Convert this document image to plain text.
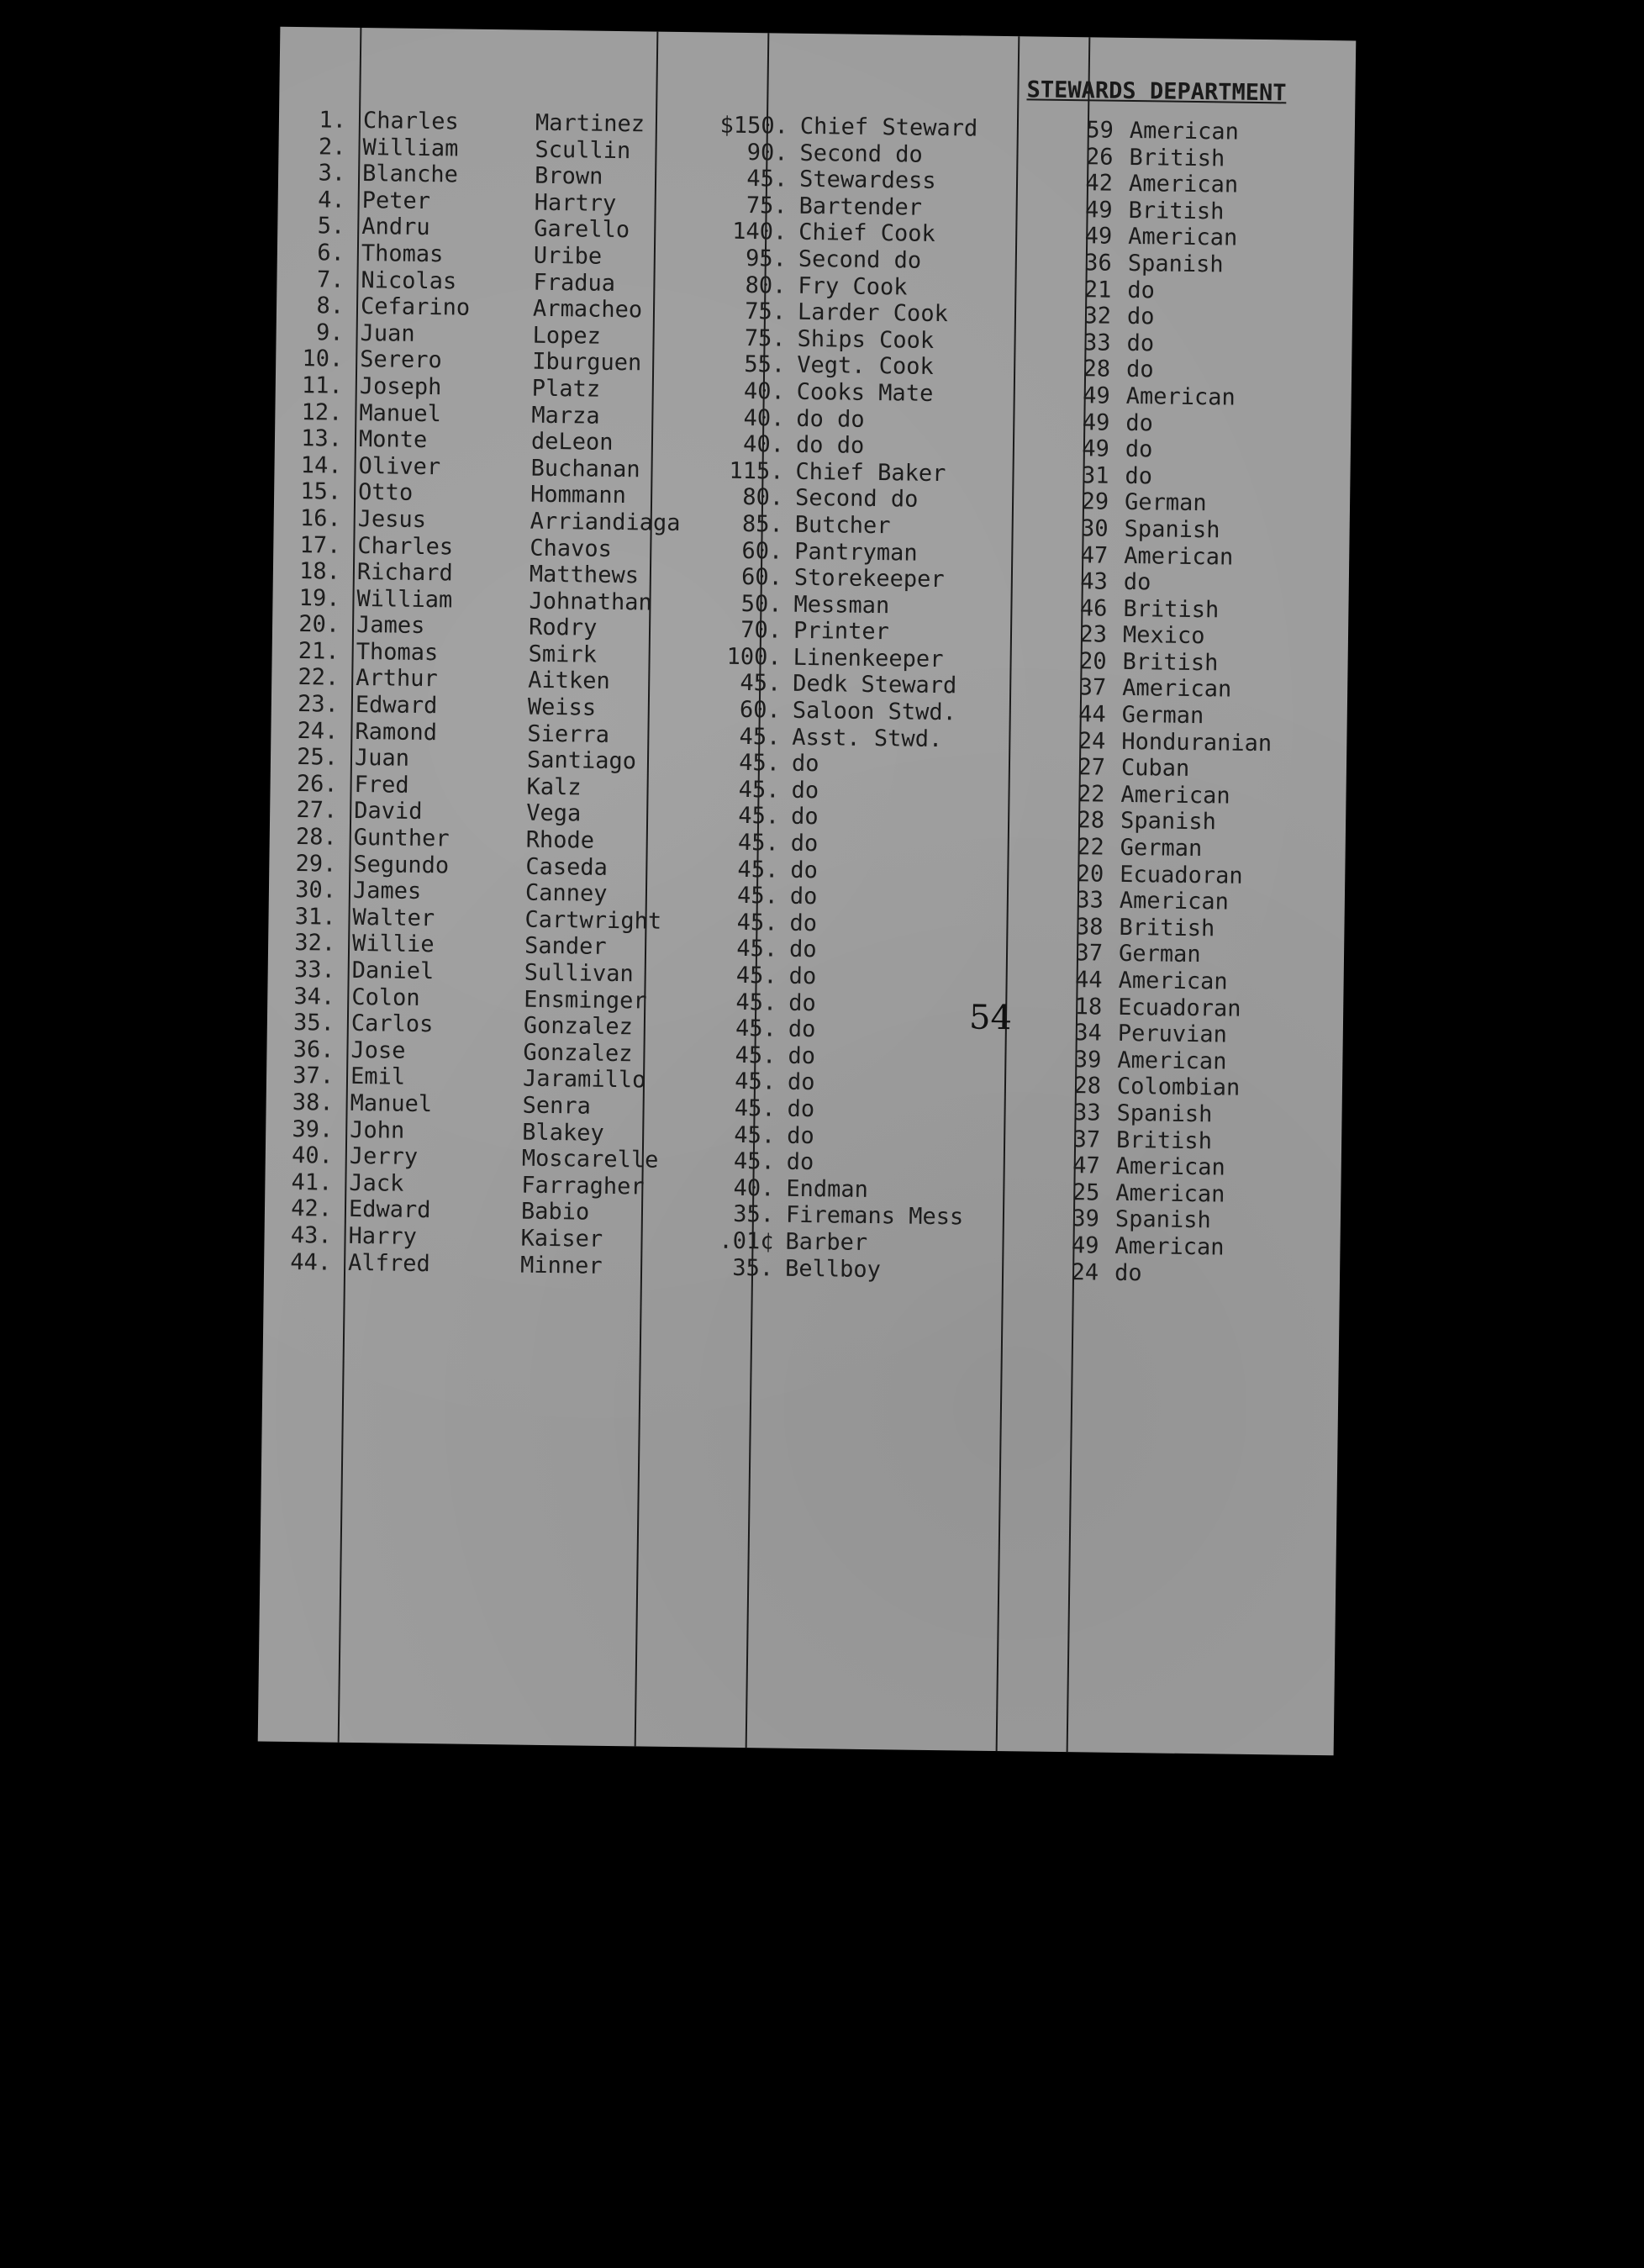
STEWARDS DEPARTMENT
1. Charles	Martinez	$150. Chief Steward	59 American
2. William	Scullin	90. Second do	26 British
3. Blanche	Brown	45. Stewardess	42 American
4. Peter	Hartry	75. Bartender	49 British
5. Andru	Garello	140. Chief Cook	49 American
6. Thomas	Uribe	95. Second do	36 Spanish
7. Nicolas	Fradua	80. Fry Cook	21 do
8. Cefarino	Armacheo	75. Larder Cook	32 do
9. Juan	Lopez	75. Ships Cook	33 do
10. Serero	Iburguen	55. Vegt. Cook	28 do
11. Joseph	Platz	40. Cooks Mate	49 American
12. Manuel	Marza	40. do do	49 do
13. Monte	deLeon	40. do do	49 do
14. Oliver	Buchanan	115. Chief Baker	31 do
15. Otto	Hommann	80. Second do	29 German
16. Jesus	Arriandiaga	85. Butcher	30 Spanish
17. Charles	Chavos	60. Pantryman	47 American
18. Richard	Matthews	60. Storekeeper	43 do
19. William	Johnathan	50. Messman	46 British
20. James	Rodry	70. Printer	23 Mexico
21. Thomas	Smirk	100. Linenkeeper	20 British
22. Arthur	Aitken	45. Dedk Steward	37 American
23. Edward	Weiss	60. Saloon Stwd.	44 German
24. Ramond	Sierra	45. Asst. Stwd.	24 Honduranian
25. Juan	Santiago	45. do	27 Cuban
26. Fred	Kalz	45. do	22 American
27. David	Vega	45. do	28 Spanish
28. Gunther	Rhode	45. do	22 German
29. Segundo	Caseda	45. do	20 Ecuadoran
30. James	Canney	45. do	33 American
31. Walter	Cartwright	45. do	38 British
32. Willie	Sander	45. do	37 German
33. Daniel	Sullivan	45. do	44 American
34. Colon	Ensminger	45. do	18 Ecuadoran
35. Carlos	Gonzalez	45. do	34 Peruvian
36. Jose	Gonzalez	45. do	39 American
37. Emil	Jaramillo	45. do	28 Colombian
38. Manuel	Senra	45. do	33 Spanish
39. John	Blakey	45. do	37 British
40. Jerry	Moscarelle	45. do	47 American
41. Jack	Farragher	40. Endman	25 American
42. Edward	Babio	35. Firemans Mess	39 Spanish
43. Harry	Kaiser	.01¢ Barber	49 American
44. Alfred	Minner	35. Bellboy	24 do
54
